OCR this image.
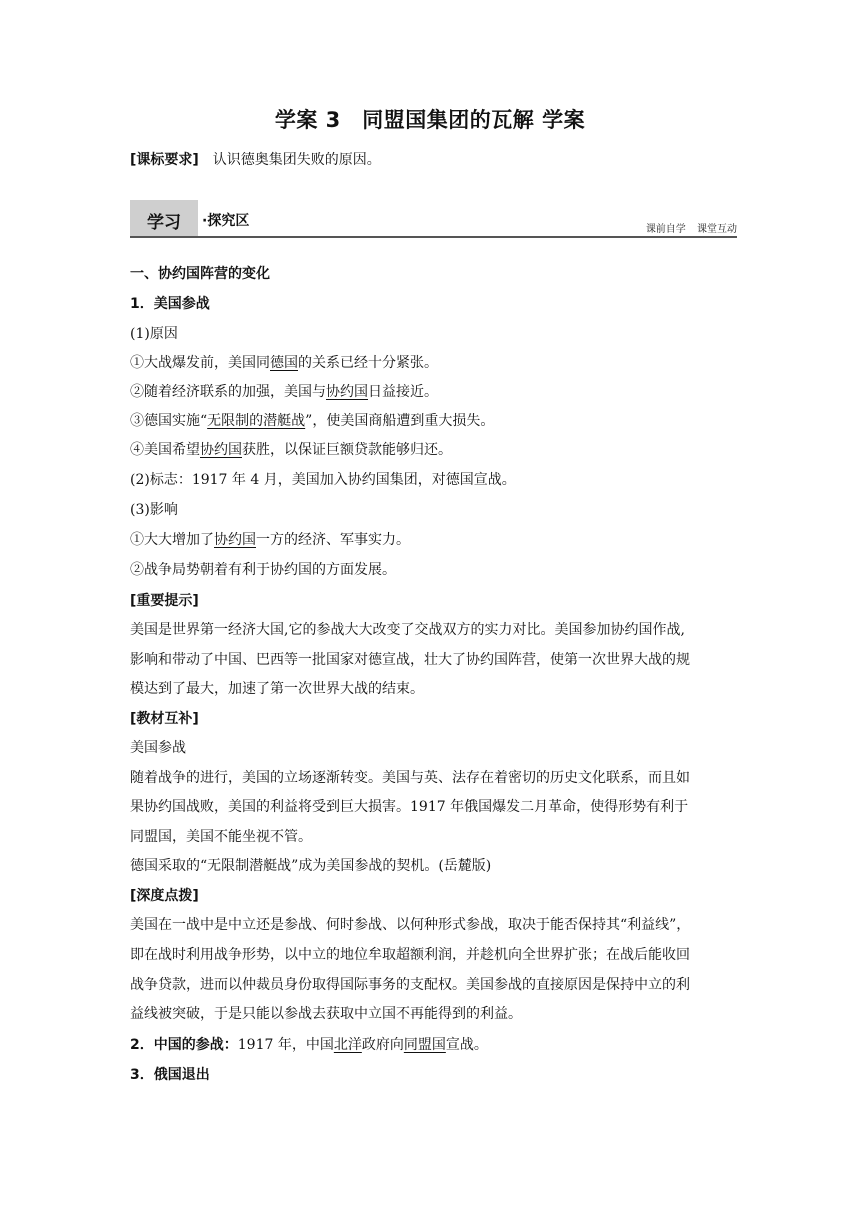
学案 3　同盟国集团的瓦解 学案
[课标要求]　 认识德奥集团失败的原因。
学习 ·探究区
课前自学 课堂互动
一、协约国阵营的变化
1．美国参战
(1)原因
①大战爆发前，美国同德国的关系已经十分紧张。
②随着经济联系的加强，美国与协约国日益接近。
③德国实施“无限制的潜艇战”，使美国商船遭到重大损失。
④美国希望协约国获胜，以保证巨额贷款能够归还。
(2)标志：1917 年 4 月，美国加入协约国集团，对德国宣战。
(3)影响
①大大增加了协约国一方的经济、军事实力。
②战争局势朝着有利于协约国的方面发展。
[重要提示]
美国是世界第一经济大国,它的参战大大改变了交战双方的实力对比。美国参加协约国作战,
影响和带动了中国、巴西等一批国家对德宣战，壮大了协约国阵营，使第一次世界大战的规
模达到了最大，加速了第一次世界大战的结束。
[教材互补]
美国参战
随着战争的进行，美国的立场逐渐转变。美国与英、法存在着密切的历史文化联系，而且如
果协约国战败，美国的利益将受到巨大损害。1917 年俄国爆发二月革命，使得形势有利于
同盟国，美国不能坐视不管。
德国采取的“无限制潜艇战”成为美国参战的契机。(岳麓版)
[深度点拨]
美国在一战中是中立还是参战、何时参战、以何种形式参战，取决于能否保持其“利益线”，
即在战时利用战争形势，以中立的地位牟取超额利润，并趁机向全世界扩张；在战后能收回
战争贷款，进而以仲裁员身份取得国际事务的支配权。美国参战的直接原因是保持中立的利
益线被突破，于是只能以参战去获取中立国不再能得到的利益。
2．中国的参战：1917 年，中国北洋政府向同盟国宣战。
3．俄国退出
